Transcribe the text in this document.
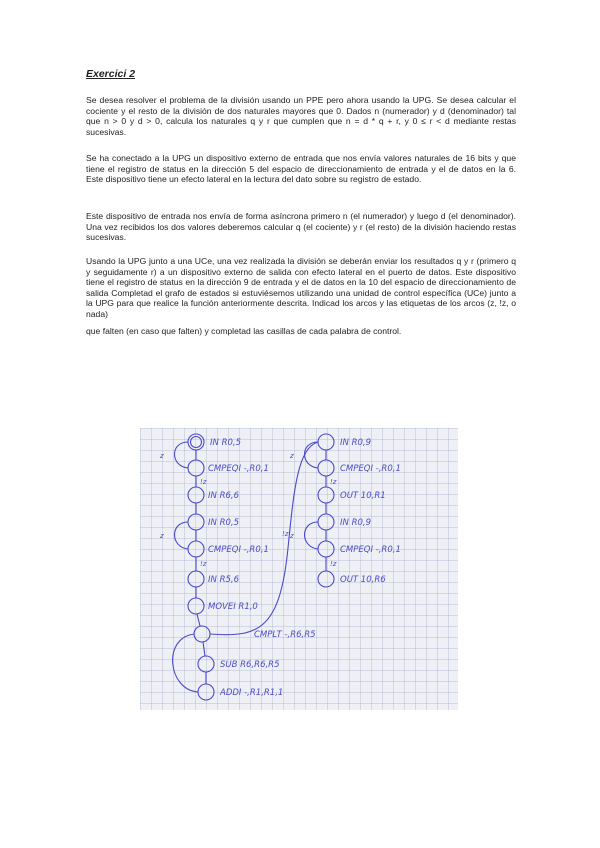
Exercici 2

Se desea resolver el problema de la división usando un PPE pero ahora usando la UPG. Se desea calcular el cociente y el resto de la división de dos naturales mayores que 0. Dados n (numerador) y d (denominador) tal que n > 0 y d > 0, calcula los naturales q y r que cumplen que n = d * q + r, y 0 ≤ r < d mediante restas sucesivas.

Se ha conectado a la UPG un dispositivo externo de entrada que nos envía valores naturales de 16 bits y que tiene el registro de status en la dirección 5 del espacio de direccionamiento de entrada y el de datos en la 6. Este dispositivo tiene un efecto lateral en la lectura del dato sobre su registro de estado.

Este dispositivo de entrada nos envía de forma asíncrona primero n (el numerador) y luego d (el denominador). Una vez recibidos los dos valores deberemos calcular q (el cociente) y r (el resto) de la división haciendo restas sucesivas.

Usando la UPG junto a una UCe, una vez realizada la división se deberán enviar los resultados q y r (primero q y seguidamente r) a un dispositivo externo de salida con efecto lateral en el puerto de datos. Este dispositivo tiene el registro de status en la dirección 9 de entrada y el de datos en la 10 del espacio de direccionamiento de salida Completad el grafo de estados si estuviésemos utilizando una unidad de control específica (UCe) junto a la UPG para que realice la función anteriormente descrita. Indicad los arcos y las etiquetas de los arcos (z, !z, o nada)

que falten (en caso que falten) y completad las casillas de cada palabra de control.

IN R0,5
CMPEQI -,R0,1
IN R6,6
IN R0,5
CMPEQI -,R0,1
IN R5,6
MOVEI R1,0
CMPLT -,R6,R5
SUB R6,R6,R5
ADDI -,R1,R1,1
IN R0,9
CMPEQI -,R0,1
OUT 10,R1
IN R0,9
CMPEQI -,R0,1
OUT 10,R6
z
!z
z
!z
z
!z
z
!z
!z
